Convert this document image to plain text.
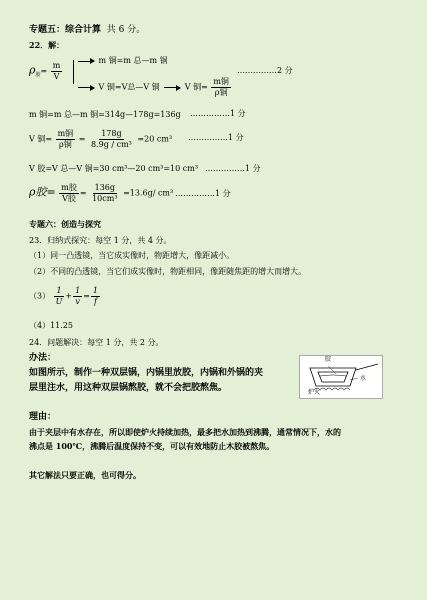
专题五：综合计算 共 6 分。
22．解：
$\rho_胶= \frac{m}{V}$
m 铜=m 总—m 铜
V 铜=V总—V 铜	V 铜= $\frac{\text{m铜}}{\text{ρ铜}}$
……………2 分
m 铜=m 总—m 铜=314g—178g=136g ……………1 分
V 铜= $\frac{\text{m铜}}{\text{ρ铜}} = \frac{178g}{\text{8.9g / cm³}} =20$ cm³ ……………1 分
V 胶=V 总—V 铜=30 cm³—20 cm³=10 cm³ ……………1 分
ρ胶= $\frac{\text{m胶}}{\text{V胶}} = \frac{136g}{\text{10cm³}} =13.6g/$ cm³ ……………1 分
专题六：创造与探究
23．归纳式探究：每空 1 分，共 4 分。
（1）同一凸透镜，当它成实像时，物距增大，像距减小。
（2）不同的凸透镜，当它们成实像时，物距相同，像距随焦距的增大而增大。
$(3) \frac{1}{U} + \frac{1}{v} = \frac{1}{f}$
（4）11.25
24．问题解决：每空 1 分，共 2 分。
办法：
如图所示，制作一种双层锅，内锅里放胶，内锅和外锅的夹
层里注水，用这种双层锅熬胶，就不会把胶熬焦。
胶
水
炉火
理由：
由于夹层中有水存在，所以即使炉火持续加热，最多把水加热到沸腾，通常情况下，水的
沸点是 100℃，沸腾后温度保持不变，可以有效地防止木胶被熬焦。
其它解法只要正确，也可得分。
